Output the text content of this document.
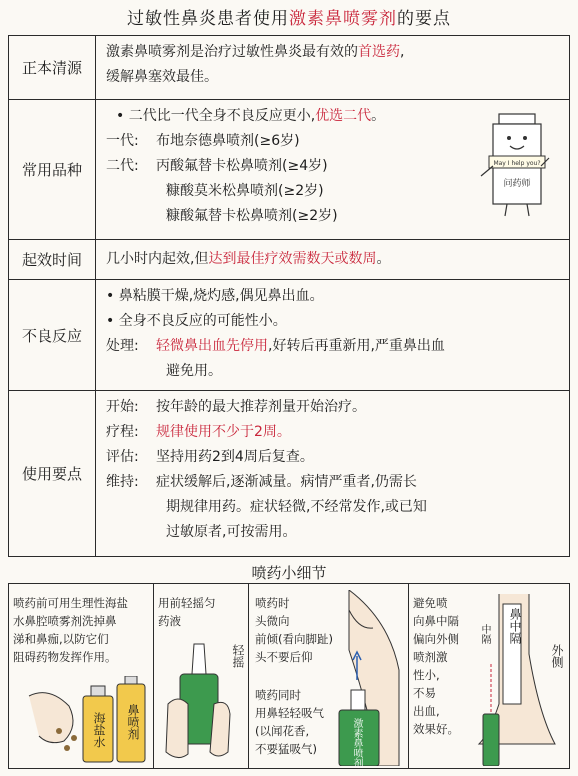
过敏性鼻炎患者使用激素鼻喷雾剂的要点
正本清源
激素鼻喷雾剂是治疗过敏性鼻炎最有效的首选药,
缓解鼻塞效最佳。
常用品种
• 二代比一代全身不良反应更小,优选二代。
一代: 布地奈德鼻喷剂(≥6岁)
二代: 丙酸氟替卡松鼻喷剂(≥4岁)
糠酸莫米松鼻喷剂(≥2岁)
糠酸氟替卡松鼻喷剂(≥2岁)
May I help you?
问药师
起效时间	几小时内起效,但达到最佳疗效需数天或数周。
不良反应
• 鼻粘膜干燥,烧灼感,偶见鼻出血。
• 全身不良反应的可能性小。
处理: 轻微鼻出血先停用,好转后再重新用,严重鼻出血
避免用。
使用要点
开始: 按年龄的最大推荐剂量开始治疗。
疗程: 规律使用不少于2周。
评估: 坚持用药2到4周后复查。
维持: 症状缓解后,逐渐减量。病情严重者,仍需长
期规律用药。症状轻微,不经常发作,或已知
过敏原者,可按需用。
喷药小细节
喷药前可用生理性海盐
水鼻腔喷雾剂洗掉鼻
涕和鼻痂,以防它们
阻碍药物发挥作用。
海盐水 鼻喷剂
用前轻摇匀
药液
轻摇
喷药时
头微向
前倾(看向脚趾)
头不要后仰
喷药同时
用鼻轻轻吸气
(以闻花香,
不要猛吸气)	激素鼻喷剂
避免喷
向鼻中隔
偏向外侧
喷剂激
性小,
不易
出血,
效果好。
鼻中隔
外侧
中隔
